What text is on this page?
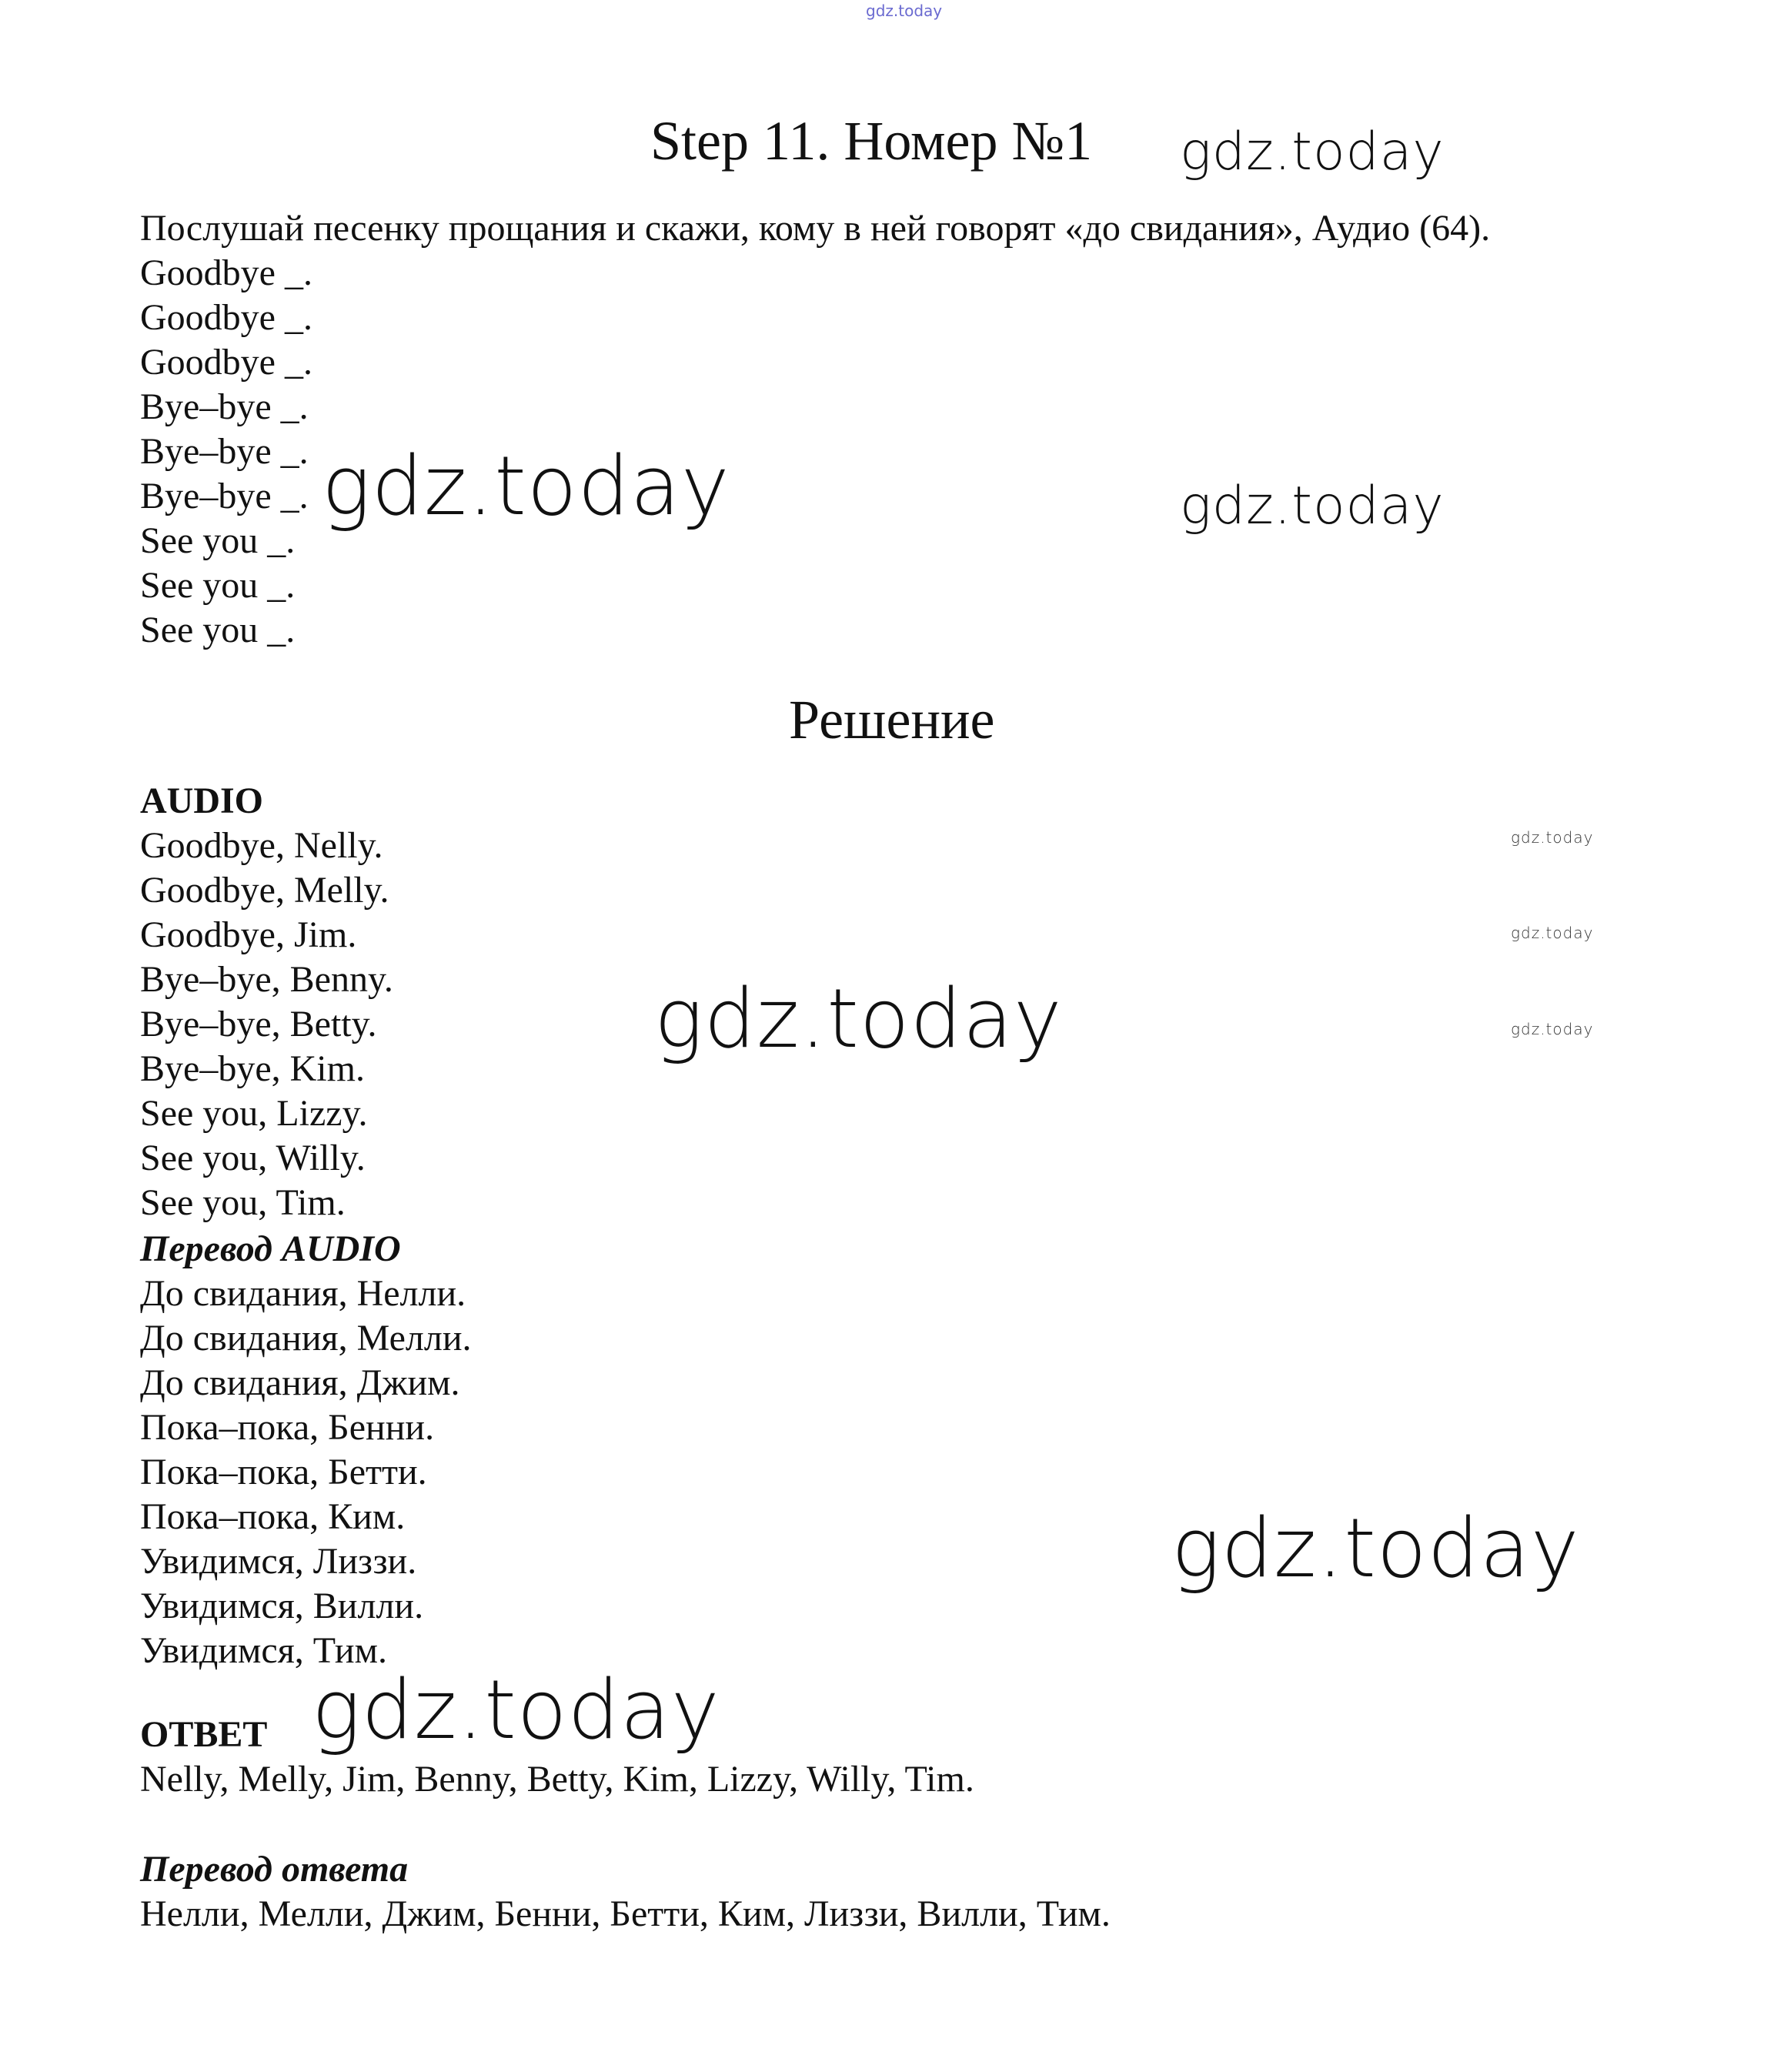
gdz.today
Step 11. Номер №1
Послушай песенку прощания и скажи, кому в ней говорят «до свидания», Аудио (64).
Goodbye _.
Goodbye _.
Goodbye _.
Bye–bye _.
Bye–bye _.
Bye–bye _.
See you _.
See you _.
See you _.
Решение
AUDIO
Goodbye, Nelly.
Goodbye, Melly.
Goodbye, Jim.
Bye–bye, Benny.
Bye–bye, Betty.
Bye–bye, Kim.
See you, Lizzy.
See you, Willy.
See you, Tim.
Перевод AUDIO
До свидания, Нелли.
До свидания, Мелли.
До свидания, Джим.
Пока–пока, Бенни.
Пока–пока, Бетти.
Пока–пока, Ким.
Увидимся, Лиззи.
Увидимся, Вилли.
Увидимся, Тим.
ОТВЕТ
Nelly, Melly, Jim, Benny, Betty, Kim, Lizzy, Willy, Tim.
Перевод ответа
Нелли, Мелли, Джим, Бенни, Бетти, Ким, Лиззи, Вилли, Тим.
gdz.today
gdz.today	gdz.today
gdz.today
gdz.today
gdz.today	gdz.today
gdz.today
gdz.today
